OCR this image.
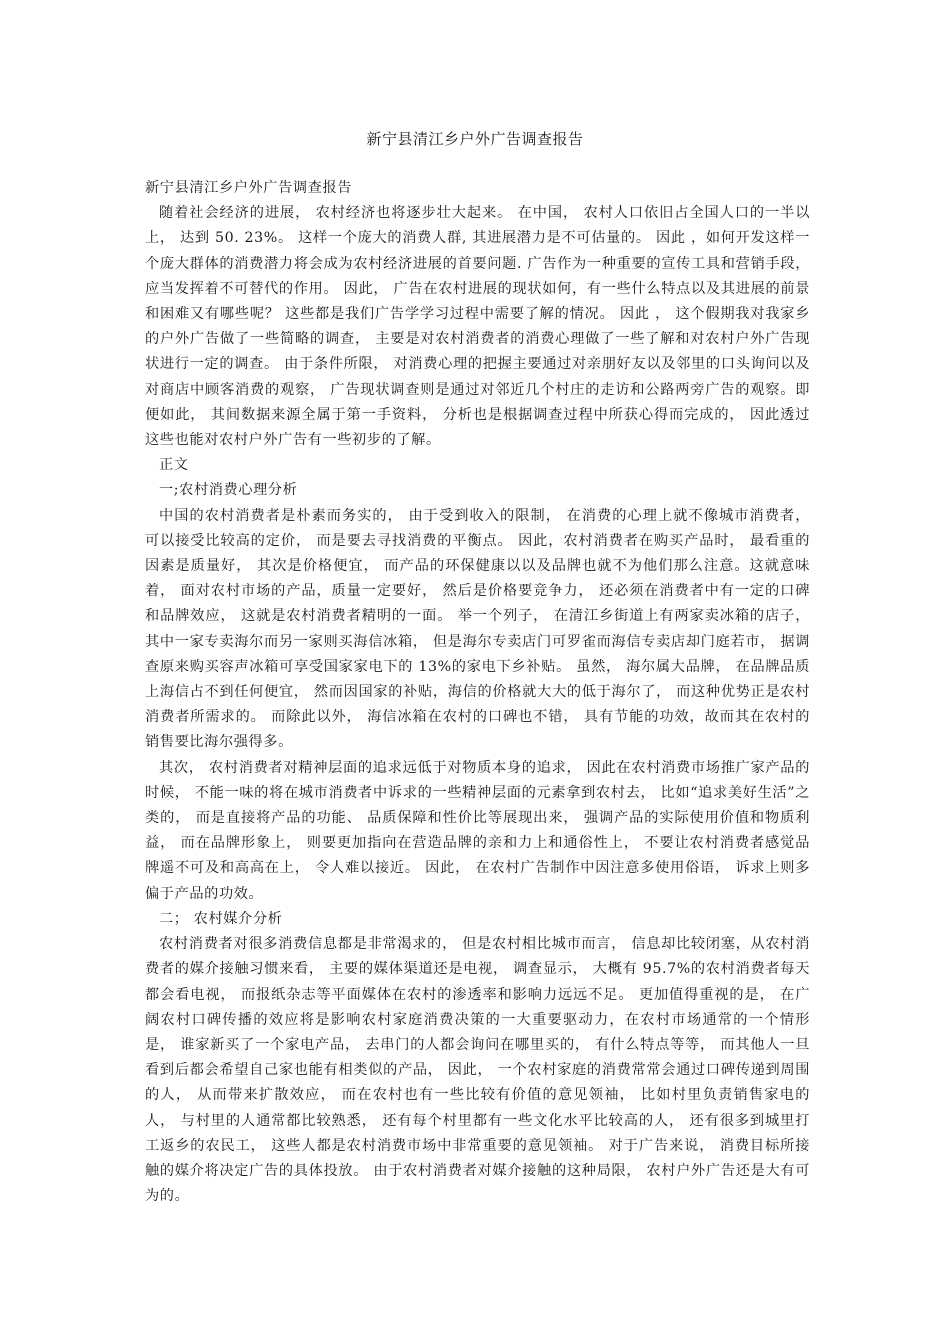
新宁县清江乡户外广告调查报告

新宁县清江乡户外广告调查报告

随着社会经济的进展， 农村经济也将逐步壮大起来。 在中国， 农村人口依旧占全国人口的一半以上， 达到 50. 23%。 这样一个庞大的消费人群, 其进展潜力是不可估量的。 因此 ，如何开发这样一个庞大群体的消费潜力将会成为农村经济进展的首要问题. 广告作为一种重要的宣传工具和营销手段， 应当发挥着不可替代的作用。 因此， 广告在农村进展的现状如何，有一些什么特点以及其进展的前景和困难又有哪些呢？ 这些都是我们广告学学习过程中需要了解的情况。 因此 ， 这个假期我对我家乡的户外广告做了一些简略的调查， 主要是对农村消费者的消费心理做了一些了解和对农村户外广告现状进行一定的调查。 由于条件所限， 对消费心理的把握主要通过对亲朋好友以及邻里的口头询问以及对商店中顾客消费的观察， 广告现状调查则是通过对邻近几个村庄的走访和公路两旁广告的观察。即便如此， 其间数据来源全属于第一手资料， 分析也是根据调查过程中所获心得而完成的， 因此透过这些也能对农村户外广告有一些初步的了解。

正文

一;农村消费心理分析

中国的农村消费者是朴素而务实的， 由于受到收入的限制， 在消费的心理上就不像城市消费者， 可以接受比较高的定价， 而是要去寻找消费的平衡点。 因此，农村消费者在购买产品时， 最看重的因素是质量好， 其次是价格便宜， 而产品的环保健康以以及品牌也就不为他们那么注意。这就意味着， 面对农村市场的产品，质量一定要好， 然后是价格要竞争力， 还必须在消费者中有一定的口碑和品牌效应， 这就是农村消费者精明的一面。 举一个列子， 在清江乡街道上有两家卖冰箱的店子，其中一家专卖海尔而另一家则买海信冰箱， 但是海尔专卖店门可罗雀而海信专卖店却门庭若市， 据调查原来购买容声冰箱可享受国家家电下的 13%的家电下乡补贴。 虽然， 海尔属大品牌， 在品牌品质上海信占不到任何便宜， 然而因国家的补贴，海信的价格就大大的低于海尔了， 而这种优势正是农村消费者所需求的。 而除此以外， 海信冰箱在农村的口碑也不错， 具有节能的功效，故而其在农村的销售要比海尔强得多。

其次， 农村消费者对精神层面的追求远低于对物质本身的追求， 因此在农村消费市场推广家产品的时候， 不能一味的将在城市消费者中诉求的一些精神层面的元素拿到农村去， 比如“追求美好生活”之类的， 而是直接将产品的功能、 品质保障和性价比等展现出来， 强调产品的实际使用价值和物质利益， 而在品牌形象上， 则要更加指向在营造品牌的亲和力上和通俗性上， 不要让农村消费者感觉品牌遥不可及和高高在上， 令人难以接近。 因此， 在农村广告制作中因注意多使用俗语， 诉求上则多偏于产品的功效。

二； 农村媒介分析

农村消费者对很多消费信息都是非常渴求的， 但是农村相比城市而言， 信息却比较闭塞，从农村消费者的媒介接触习惯来看， 主要的媒体渠道还是电视， 调查显示， 大概有 95.7%的农村消费者每天都会看电视， 而报纸杂志等平面媒体在农村的渗透率和影响力远远不足。 更加值得重视的是， 在广阔农村口碑传播的效应将是影响农村家庭消费决策的一大重要驱动力，在农村市场通常的一个情形是， 谁家新买了一个家电产品， 去串门的人都会询问在哪里买的， 有什么特点等等， 而其他人一旦看到后都会希望自己家也能有相类似的产品， 因此， 一个农村家庭的消费常常会通过口碑传递到周围的人， 从而带来扩散效应， 而在农村也有一些比较有价值的意见领袖， 比如村里负责销售家电的人， 与村里的人通常都比较熟悉， 还有每个村里都有一些文化水平比较高的人， 还有很多到城里打工返乡的农民工， 这些人都是农村消费市场中非常重要的意见领袖。 对于广告来说， 消费目标所接触的媒介将决定广告的具体投放。 由于农村消费者对媒介接触的这种局限， 农村户外广告还是大有可为的。
